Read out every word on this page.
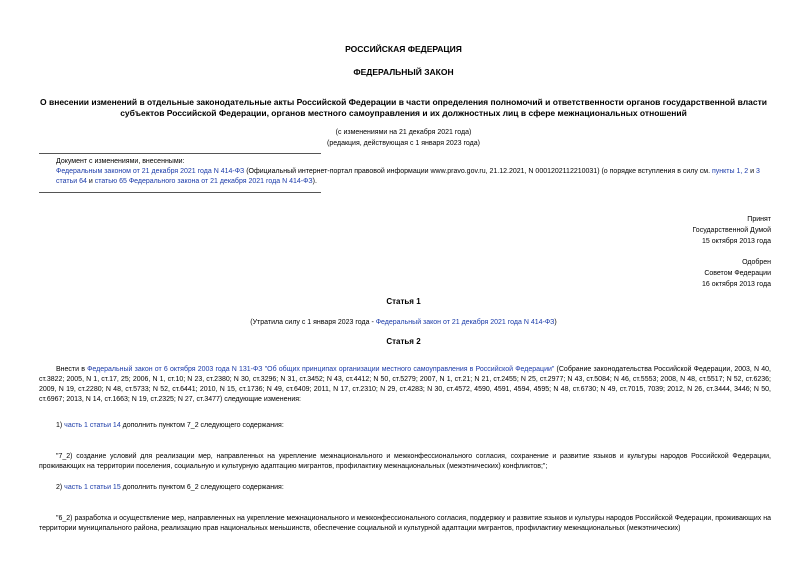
РОССИЙСКАЯ ФЕДЕРАЦИЯ
ФЕДЕРАЛЬНЫЙ ЗАКОН
О внесении изменений в отдельные законодательные акты Российской Федерации в части определения полномочий и ответственности органов государственной власти субъектов Российской Федерации, органов местного самоуправления и их должностных лиц в сфере межнациональных отношений
(с изменениями на 21 декабря 2021 года)
(редакция, действующая с 1 января 2023 года)
Документ с изменениями, внесенными:
Федеральным законом от 21 декабря 2021 года N 414-ФЗ (Официальный интернет-портал правовой информации www.pravo.gov.ru, 21.12.2021, N 0001202112210031) (о порядке вступления в силу см. пункты 1, 2 и 3 статьи 64 и статью 65 Федерального закона от 21 декабря 2021 года N 414-ФЗ).
Принят
Государственной Думой
15 октября 2013 года
Одобрен
Советом Федерации
16 октября 2013 года
Статья 1
(Утратила силу с 1 января 2023 года - Федеральный закон от 21 декабря 2021 года N 414-ФЗ)
Статья 2
Внести в Федеральный закон от 6 октября 2003 года N 131-ФЗ "Об общих принципах организации местного самоуправления в Российской Федерации" (Собрание законодательства Российской Федерации, 2003, N 40, ст.3822; 2005, N 1, ст.17, 25; 2006, N 1, ст.10; N 23, ст.2380; N 30, ст.3296; N 31, ст.3452; N 43, ст.4412; N 50, ст.5279; 2007, N 1, ст.21; N 21, ст.2455; N 25, ст.2977; N 43, ст.5084; N 46, ст.5553; 2008, N 48, ст.5517; N 52, ст.6236; 2009, N 19, ст.2280; N 48, ст.5733; N 52, ст.6441; 2010, N 15, ст.1736; N 49, ст.6409; 2011, N 17, ст.2310; N 29, ст.4283; N 30, ст.4572, 4590, 4591, 4594, 4595; N 48, ст.6730; N 49, ст.7015, 7039; 2012, N 26, ст.3444, 3446; N 50, ст.6967; 2013, N 14, ст.1663; N 19, ст.2325; N 27, ст.3477) следующие изменения:
1) часть 1 статьи 14 дополнить пунктом 7_2 следующего содержания:
"7_2) создание условий для реализации мер, направленных на укрепление межнационального и межконфессионального согласия, сохранение и развитие языков и культуры народов Российской Федерации, проживающих на территории поселения, социальную и культурную адаптацию мигрантов, профилактику межнациональных (межэтнических) конфликтов;";
2) часть 1 статьи 15 дополнить пунктом 6_2 следующего содержания:
"6_2) разработка и осуществление мер, направленных на укрепление межнационального и межконфессионального согласия, поддержку и развитие языков и культуры народов Российской Федерации, проживающих на территории муниципального района, реализацию прав национальных меньшинств, обеспечение социальной и культурной адаптации мигрантов, профилактику межнациональных (межэтнических)
